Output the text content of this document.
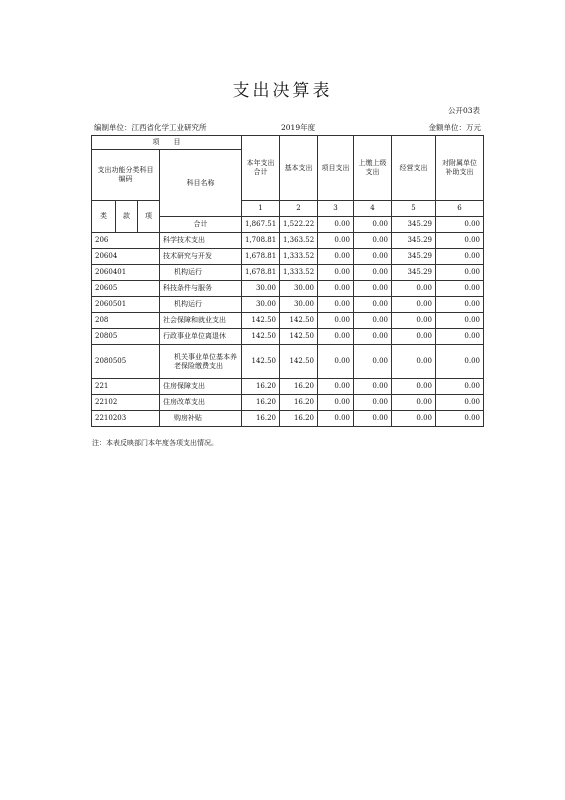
支出决算表
公开03表
编制单位：江西省化学工业研究所	2019年度	金额单位：万元
项　　目				本年支出合计	基本支出	项目支出	上缴上级支出	经营支出	对附属单位补助支出
支出功能分类科目编码			科目名称						
类	款	项		1	2	3	4	5	6
			合计	1,867.51	1,522.22	0.00	0.00	345.29	0.00
206			科学技术支出	1,708.81	1,363.52	0.00	0.00	345.29	0.00
20604			技术研究与开发	1,678.81	1,333.52	0.00	0.00	345.29	0.00
2060401			机构运行	1,678.81	1,333.52	0.00	0.00	345.29	0.00
20605			科技条件与服务	30.00	30.00	0.00	0.00	0.00	0.00
2060501			机构运行	30.00	30.00	0.00	0.00	0.00	0.00
208			社会保障和就业支出	142.50	142.50	0.00	0.00	0.00	0.00
20805			行政事业单位离退休	142.50	142.50	0.00	0.00	0.00	0.00
2080505			机关事业单位基本养老保险缴费支出	142.50	142.50	0.00	0.00	0.00	0.00
221			住房保障支出	16.20	16.20	0.00	0.00	0.00	0.00
22102			住房改革支出	16.20	16.20	0.00	0.00	0.00	0.00
2210203			购房补贴	16.20	16.20	0.00	0.00	0.00	0.00
注：本表反映部门本年度各项支出情况。
